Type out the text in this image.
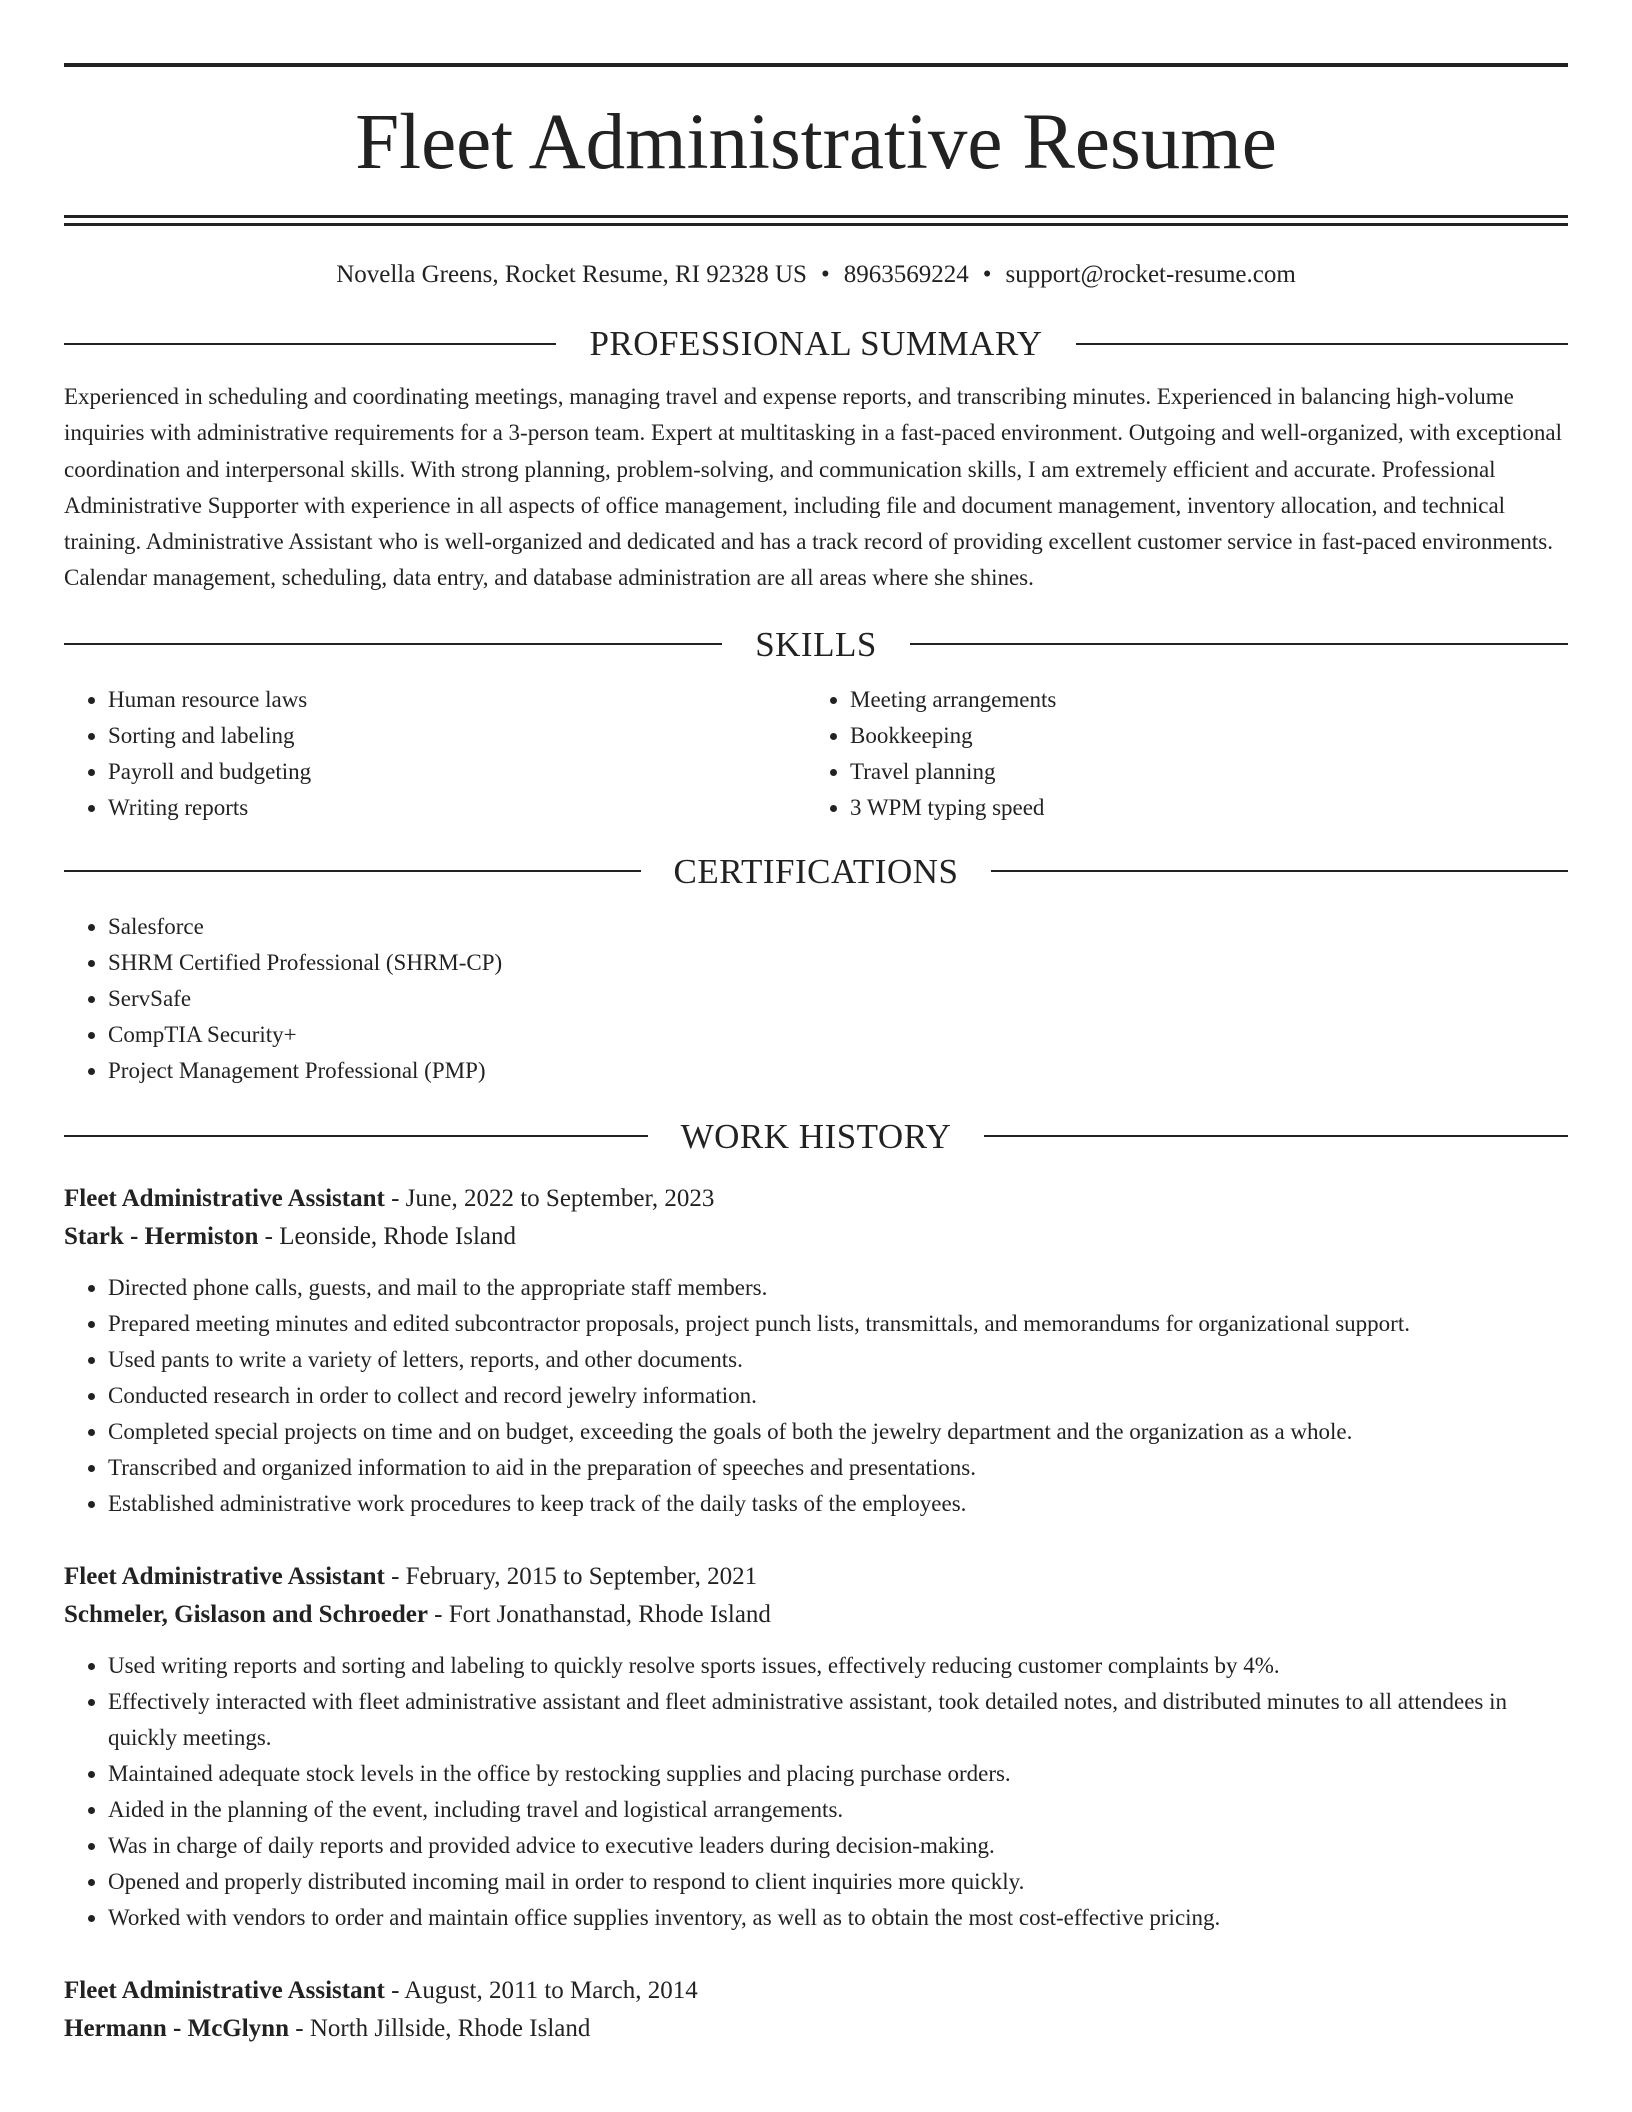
Fleet Administrative Resume
Novella Greens, Rocket Resume, RI 92328 US • 8963569224 • support@rocket-resume.com
PROFESSIONAL SUMMARY

Experienced in scheduling and coordinating meetings, managing travel and expense reports, and transcribing minutes. Experienced in balancing high-volume inquiries with administrative requirements for a 3-person team. Expert at multitasking in a fast-paced environment. Outgoing and well-organized, with exceptional coordination and interpersonal skills. With strong planning, problem-solving, and communication skills, I am extremely efficient and accurate. Professional Administrative Supporter with experience in all aspects of office management, including file and document management, inventory allocation, and technical training. Administrative Assistant who is well-organized and dedicated and has a track record of providing excellent customer service in fast-paced environments. Calendar management, scheduling, data entry, and database administration are all areas where she shines.

SKILLS
• Human resource laws
• Sorting and labeling
• Payroll and budgeting
• Writing reports
• Meeting arrangements
• Bookkeeping
• Travel planning
• 3 WPM typing speed
CERTIFICATIONS
• Salesforce
• SHRM Certified Professional (SHRM-CP)
• ServSafe
• CompTIA Security+
• Project Management Professional (PMP)
WORK HISTORY
Fleet Administrative Assistant - June, 2022 to September, 2023
Stark - Hermiston - Leonside, Rhode Island
• Directed phone calls, guests, and mail to the appropriate staff members.
• Prepared meeting minutes and edited subcontractor proposals, project punch lists, transmittals, and memorandums for organizational support.
• Used pants to write a variety of letters, reports, and other documents.
• Conducted research in order to collect and record jewelry information.
• Completed special projects on time and on budget, exceeding the goals of both the jewelry department and the organization as a whole.
• Transcribed and organized information to aid in the preparation of speeches and presentations.
• Established administrative work procedures to keep track of the daily tasks of the employees.
Fleet Administrative Assistant - February, 2015 to September, 2021
Schmeler, Gislason and Schroeder - Fort Jonathanstad, Rhode Island
• Used writing reports and sorting and labeling to quickly resolve sports issues, effectively reducing customer complaints by 4%.
• Effectively interacted with fleet administrative assistant and fleet administrative assistant, took detailed notes, and distributed minutes to all attendees in quickly meetings.
• Maintained adequate stock levels in the office by restocking supplies and placing purchase orders.
• Aided in the planning of the event, including travel and logistical arrangements.
• Was in charge of daily reports and provided advice to executive leaders during decision-making.
• Opened and properly distributed incoming mail in order to respond to client inquiries more quickly.
• Worked with vendors to order and maintain office supplies inventory, as well as to obtain the most cost-effective pricing.
Fleet Administrative Assistant - August, 2011 to March, 2014
Hermann - McGlynn - North Jillside, Rhode Island
